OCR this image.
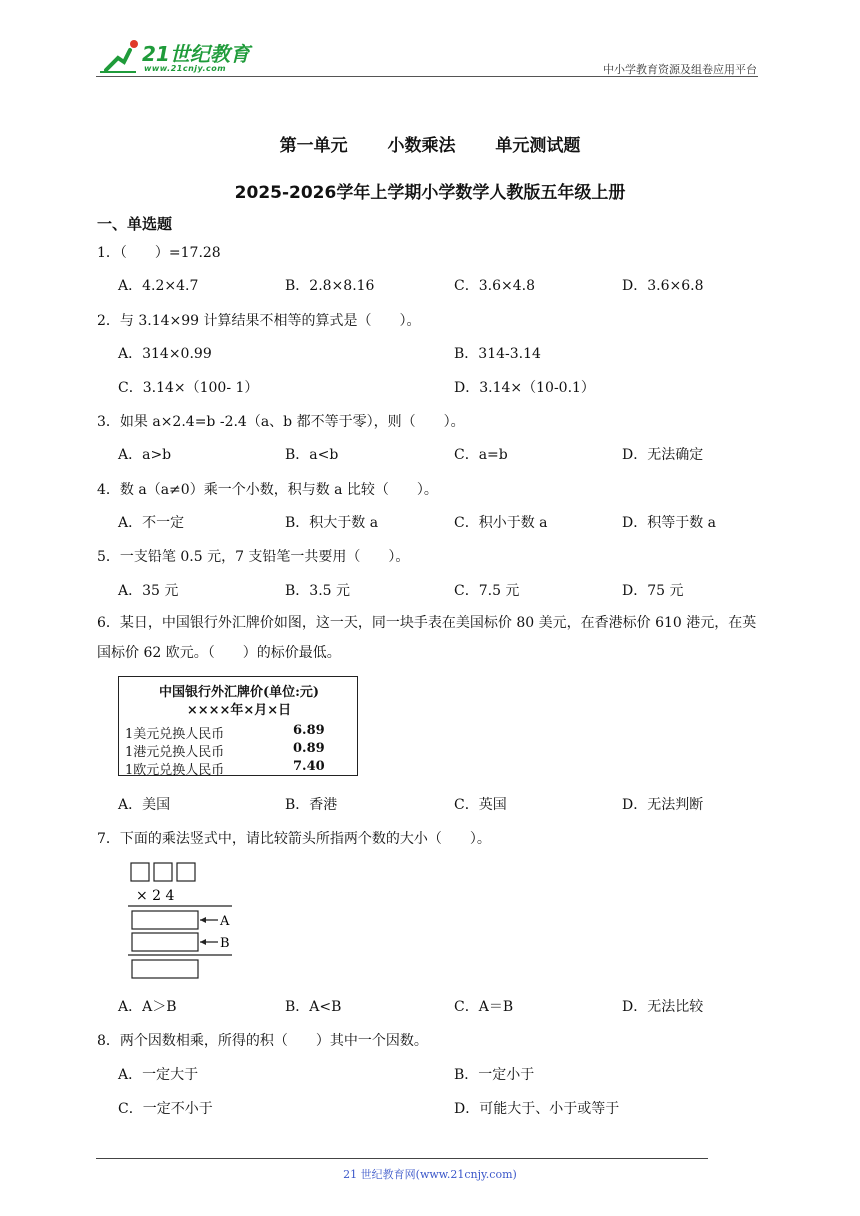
21世纪教育
www.21cnjy.com	中小学教育资源及组卷应用平台
第一单元 小数乘法 单元测试题
2025-2026学年上学期小学数学人教版五年级上册
一、单选题
1．（　　）=17.28
A．4.2×4.7	B．2.8×8.16	C．3.6×4.8	D．3.6×6.8
2．与 3.14×99 计算结果不相等的算式是（　　）。
A．314×0.99	B．314-3.14
C．3.14×（100- 1）	D．3.14×（10-0.1）
3．如果 a×2.4=b -2.4（a、b 都不等于零），则（　　）。
A．a>b	B．a<b	C．a=b	D．无法确定
4．数 a（a≠0）乘一个小数，积与数 a 比较（　　）。
A．不一定	B．积大于数 a	C．积小于数 a	D．积等于数 a
5．一支铅笔 0.5 元，7 支铅笔一共要用（　　）。
A．35 元	B．3.5 元	C．7.5 元	D．75 元
6．某日，中国银行外汇牌价如图，这一天，同一块手表在美国标价 80 美元，在香港标价 610 港元，在英国标价 62 欧元。（　　）的标价最低。
中国银行外汇牌价(单位:元)
××××年×月×日
1美元兑换人民币	6.89
1港元兑换人民币	0.89
1欧元兑换人民币	7.40
A．美国	B．香港	C．英国	D．无法判断
7．下面的乘法竖式中，请比较箭头所指两个数的大小（　　）。
× 2 4
A
B
A．A＞B	B．A<B	C．A＝B	D．无法比较
8．两个因数相乘，所得的积（　　）其中一个因数。
A．一定大于	B．一定小于
C．一定不小于	D．可能大于、小于或等于
21 世纪教育网(www.21cnjy.com)
